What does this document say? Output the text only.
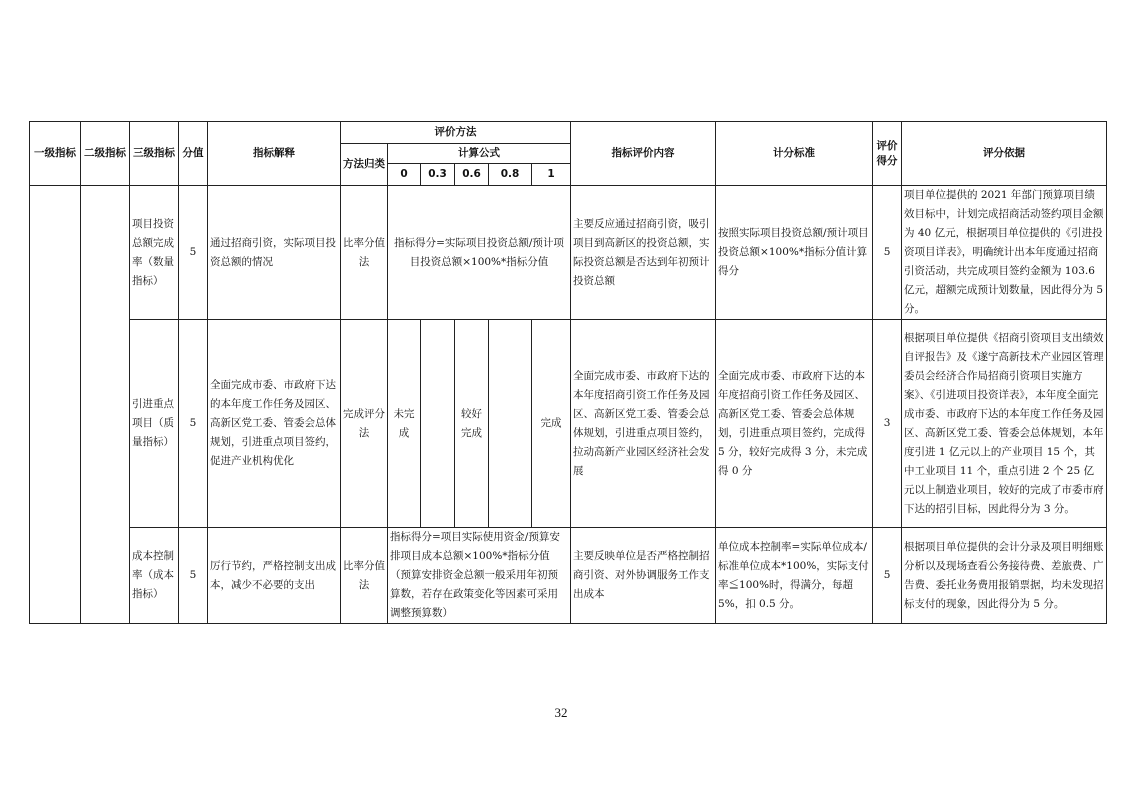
一级指标	二级指标	三级指标	分值	指标解释	评价方法						指标评价内容	计分标准	评价得分	评分依据
					方法归类	计算公式								
						0	0.3	0.6	0.8	1				
		项目投资总额完成率（数量指标）	5	通过招商引资，实际项目投资总额的情况	比率分值法	指标得分=实际项目投资总额/预计项目投资总额×100%*指标分值					主要反应通过招商引资，吸引项目到高新区的投资总额，实际投资总额是否达到年初预计投资总额	按照实际项目投资总额/预计项目投资总额×100%*指标分值计算得分	5	项目单位提供的 2021 年部门预算项目绩效目标中，计划完成招商活动签约项目金额为 40 亿元，根据项目单位提供的《引进投资项目详表》，明确统计出本年度通过招商引资活动，共完成项目签约金额为 103.6 亿元，超额完成预计划数量，因此得分为 5 分。
		引进重点项目（质量指标）	5	全面完成市委、市政府下达的本年度工作任务及园区、高新区党工委、管委会总体规划，引进重点项目签约，促进产业机构优化	完成评分法	未完成		较好完成		完成	全面完成市委、市政府下达的本年度招商引资工作任务及园区、高新区党工委、管委会总体规划，引进重点项目签约，拉动高新产业园区经济社会发展	全面完成市委、市政府下达的本年度招商引资工作任务及园区、高新区党工委、管委会总体规划，引进重点项目签约，完成得 5 分，较好完成得 3 分，未完成得 0 分	3	根据项目单位提供《招商引资项目支出绩效自评报告》及《遂宁高新技术产业园区管理委员会经济合作局招商引资项目实施方案》、《引进项目投资详表》，本年度全面完成市委、市政府下达的本年度工作任务及园区、高新区党工委、管委会总体规划，本年度引进 1 亿元以上的产业项目 15 个，其中工业项目 11 个，重点引进 2 个 25 亿元以上制造业项目，较好的完成了市委市府下达的招引目标，因此得分为 3 分。
		成本控制率（成本指标）	5	厉行节约，严格控制支出成本，减少不必要的支出	比率分值法	指标得分=项目实际使用资金/预算安排项目成本总额×100%*指标分值（预算安排资金总额一般采用年初预算数，若存在政策变化等因素可采用调整预算数）					主要反映单位是否严格控制招商引资、对外协调服务工作支出成本	单位成本控制率=实际单位成本/标准单位成本*100%，实际支付率≦100%时，得满分，每超 5%，扣 0.5 分。	5	根据项目单位提供的会计分录及项目明细账分析以及现场查看公务接待费、差旅费、广告费、委托业务费用报销票据，均未发现招标支付的现象，因此得分为 5 分。
32
